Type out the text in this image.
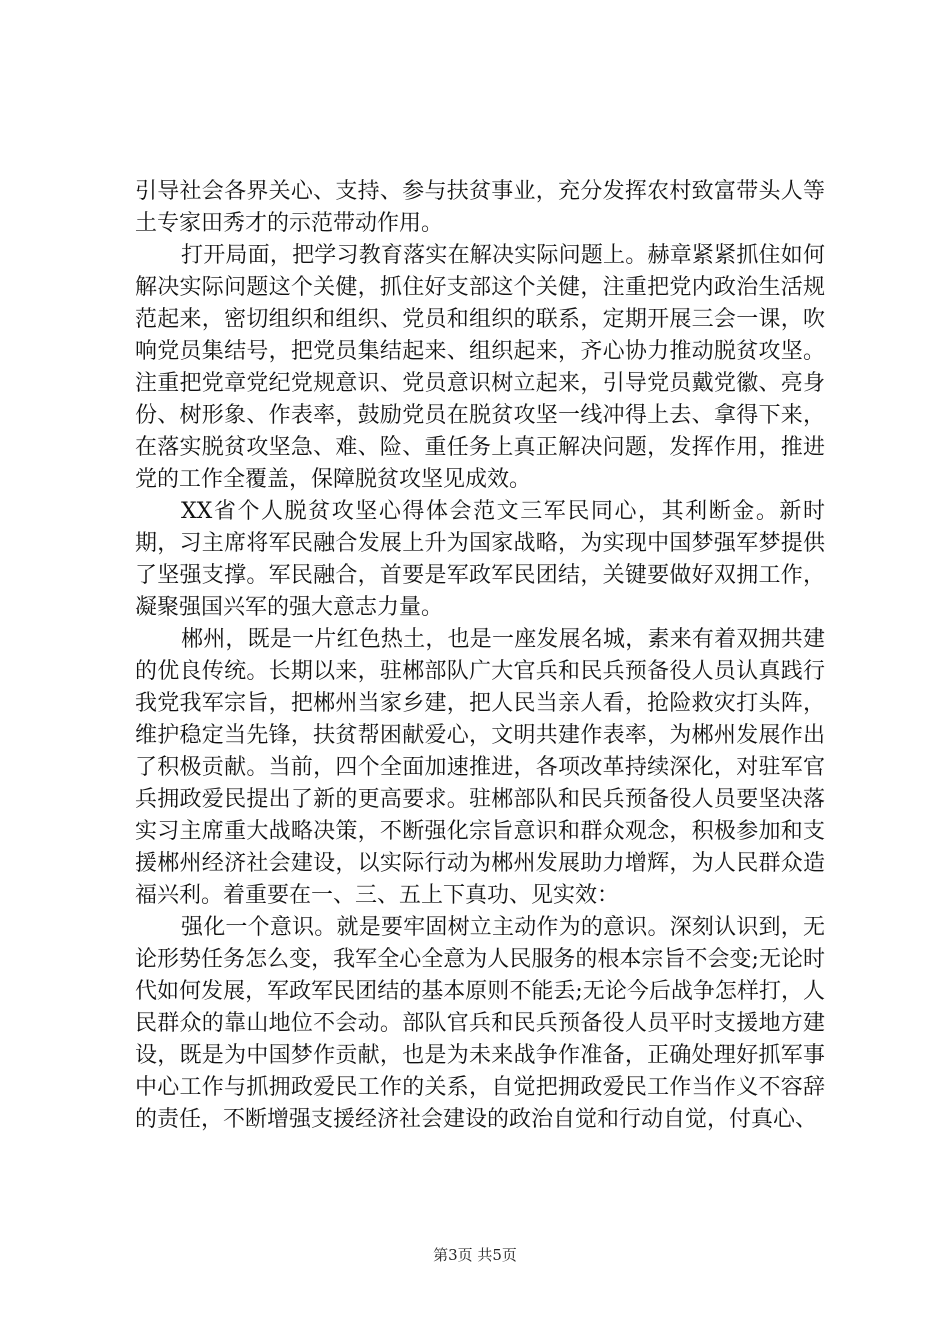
引导社会各界关心、支持、参与扶贫事业，充分发挥农村致富带头人等土专家田秀才的示范带动作用。

打开局面，把学习教育落实在解决实际问题上。赫章紧紧抓住如何解决实际问题这个关健，抓住好支部这个关健，注重把党内政治生活规范起来，密切组织和组织、党员和组织的联系，定期开展三会一课，吹响党员集结号，把党员集结起来、组织起来，齐心协力推动脱贫攻坚。注重把党章党纪党规意识、党员意识树立起来，引导党员戴党徽、亮身份、树形象、作表率，鼓励党员在脱贫攻坚一线冲得上去、拿得下来，在落实脱贫攻坚急、难、险、重任务上真正解决问题，发挥作用，推进党的工作全覆盖，保障脱贫攻坚见成效。

XX省个人脱贫攻坚心得体会范文三军民同心，其利断金。新时期，习主席将军民融合发展上升为国家战略，为实现中国梦强军梦提供了坚强支撑。军民融合，首要是军政军民团结，关键要做好双拥工作，凝聚强国兴军的强大意志力量。

郴州，既是一片红色热土，也是一座发展名城，素来有着双拥共建的优良传统。长期以来，驻郴部队广大官兵和民兵预备役人员认真践行我党我军宗旨，把郴州当家乡建，把人民当亲人看，抢险救灾打头阵，维护稳定当先锋，扶贫帮困献爱心，文明共建作表率，为郴州发展作出了积极贡献。当前，四个全面加速推进，各项改革持续深化，对驻军官兵拥政爱民提出了新的更高要求。驻郴部队和民兵预备役人员要坚决落实习主席重大战略决策，不断强化宗旨意识和群众观念，积极参加和支援郴州经济社会建设，以实际行动为郴州发展助力增辉，为人民群众造福兴利。着重要在一、三、五上下真功、见实效：

强化一个意识。就是要牢固树立主动作为的意识。深刻认识到，无论形势任务怎么变，我军全心全意为人民服务的根本宗旨不会变;无论时代如何发展，军政军民团结的基本原则不能丢;无论今后战争怎样打，人民群众的靠山地位不会动。部队官兵和民兵预备役人员平时支援地方建设，既是为中国梦作贡献，也是为未来战争作准备，正确处理好抓军事中心工作与抓拥政爱民工作的关系，自觉把拥政爱民工作当作义不容辞的责任，不断增强支援经济社会建设的政治自觉和行动自觉，付真心、

第3页 共5页
